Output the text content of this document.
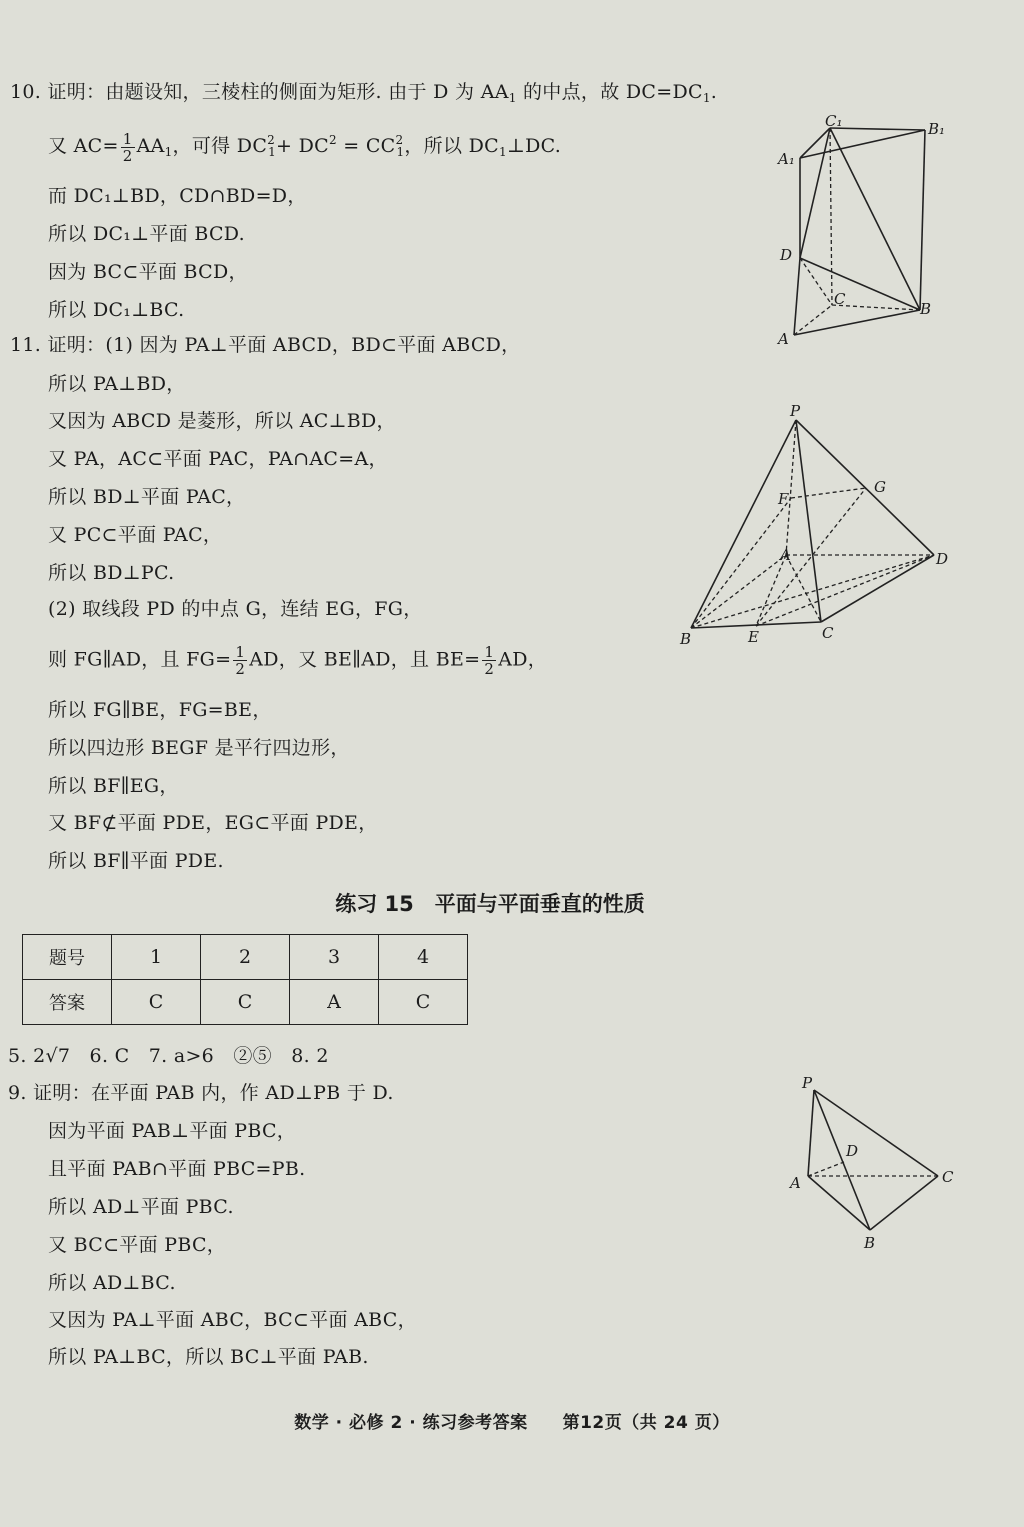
10. 证明：由题设知，三棱柱的侧面为矩形. 由于 D 为 $AA_1$ 的中点，故 $DC=DC_1$.
又 $AC= \frac{1}{2} AA_1$，可得 $DC^2_1+ DC^2 = CC^2_1$，所以 $DC_1\perp DC$.
而 DC₁⊥BD，CD∩BD=D，
所以 DC₁⊥平面 BCD.
因为 BC⊂平面 BCD，
所以 DC₁⊥BC.
11. 证明：(1) 因为 PA⊥平面 ABCD，BD⊂平面 ABCD，
所以 PA⊥BD，
又因为 ABCD 是菱形，所以 AC⊥BD，
又 PA，AC⊂平面 PAC，PA∩AC=A，
所以 BD⊥平面 PAC，
又 PC⊂平面 PAC，
所以 BD⊥PC.
(2) 取线段 PD 的中点 G，连结 EG，FG，
则 FG∥AD，且 $FG= \frac{1}{2}$ AD，又 BE∥AD，且 $BE= \frac{1}{2}$ AD，
所以 FG∥BE，FG=BE，
所以四边形 BEGF 是平行四边形，
所以 BF∥EG，
又 BF⊄平面 PDE，EG⊂平面 PDE，
所以 BF∥平面 PDE.
练习 15　平面与平面垂直的性质
题号	1	2	3	4
答案	C	C	A	C
5. 2√7　6. C　7. a>6　②⑤　8. 2
9. 证明：在平面 PAB 内，作 AD⊥PB 于 D.
因为平面 PAB⊥平面 PBC，
且平面 PAB∩平面 PBC=PB.
所以 AD⊥平面 PBC.
又 BC⊂平面 PBC，
所以 AD⊥BC.
又因为 PA⊥平面 ABC，BC⊂平面 ABC，
所以 PA⊥BC，所以 BC⊥平面 PAB.
C₁	B₁
A₁
D
C
B
A
P
F
G
A	D
B	E	C
P
D
A	C
B
数学 · 必修 2 · 练习参考答案　　第12页（共 24 页）
